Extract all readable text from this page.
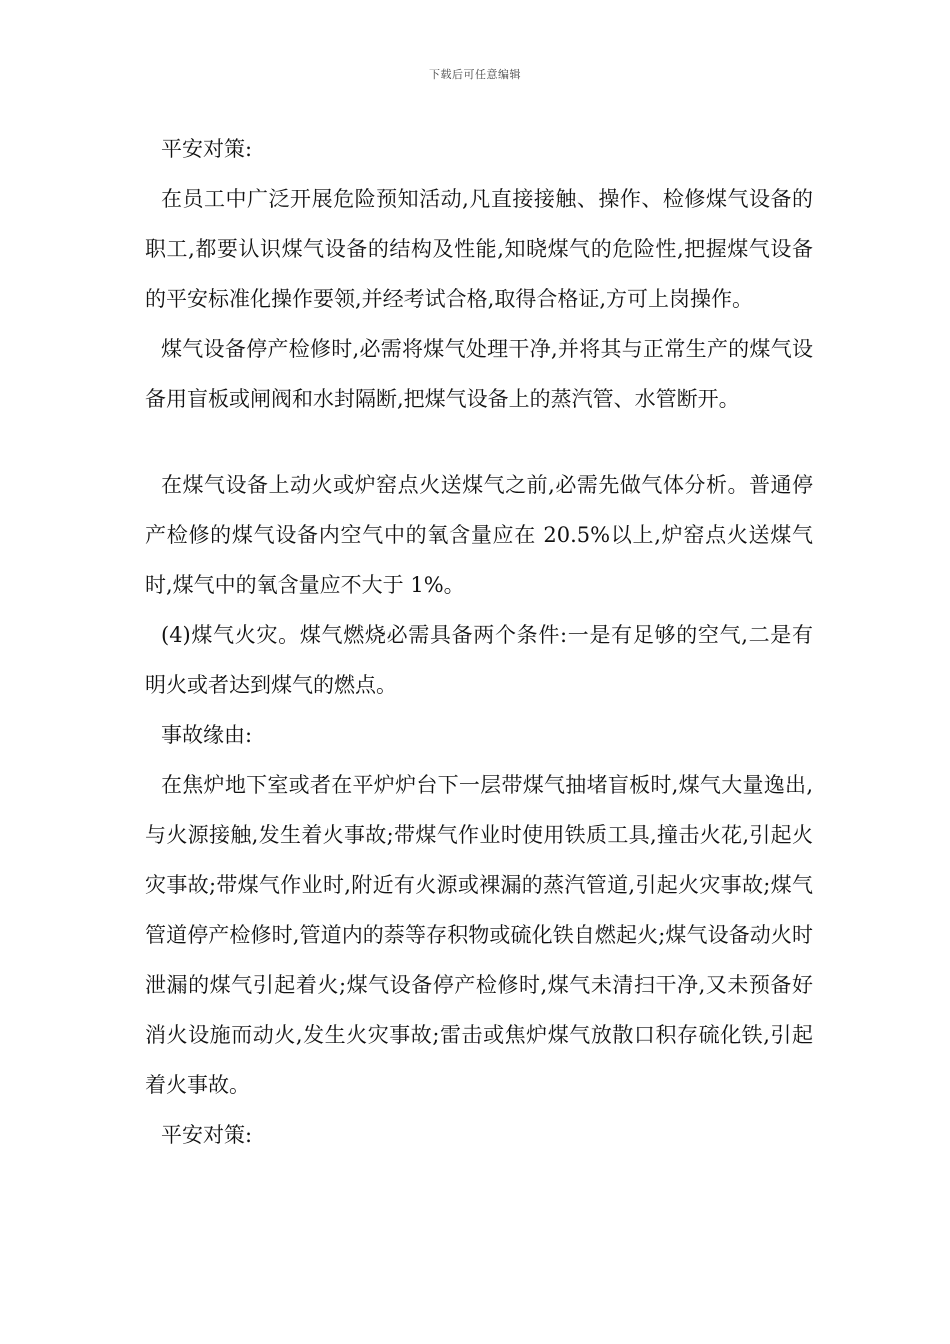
下载后可任意编辑

平安对策:

在员工中广泛开展危险预知活动,凡直接接触、操作、检修煤气设备的职工,都要认识煤气设备的结构及性能,知晓煤气的危险性,把握煤气设备的平安标准化操作要领,并经考试合格,取得合格证,方可上岗操作。

煤气设备停产检修时,必需将煤气处理干净,并将其与正常生产的煤气设备用盲板或闸阀和水封隔断,把煤气设备上的蒸汽管、水管断开。

在煤气设备上动火或炉窑点火送煤气之前,必需先做气体分析。普通停产检修的煤气设备内空气中的氧含量应在 20.5%以上,炉窑点火送煤气时,煤气中的氧含量应不大于 1%。

(4)煤气火灾。煤气燃烧必需具备两个条件:一是有足够的空气,二是有明火或者达到煤气的燃点。

事故缘由:

在焦炉地下室或者在平炉炉台下一层带煤气抽堵盲板时,煤气大量逸出,与火源接触,发生着火事故;带煤气作业时使用铁质工具,撞击火花,引起火灾事故;带煤气作业时,附近有火源或裸漏的蒸汽管道,引起火灾事故;煤气管道停产检修时,管道内的萘等存积物或硫化铁自燃起火;煤气设备动火时泄漏的煤气引起着火;煤气设备停产检修时,煤气未清扫干净,又未预备好消火设施而动火,发生火灾事故;雷击或焦炉煤气放散口积存硫化铁,引起着火事故。

平安对策:
